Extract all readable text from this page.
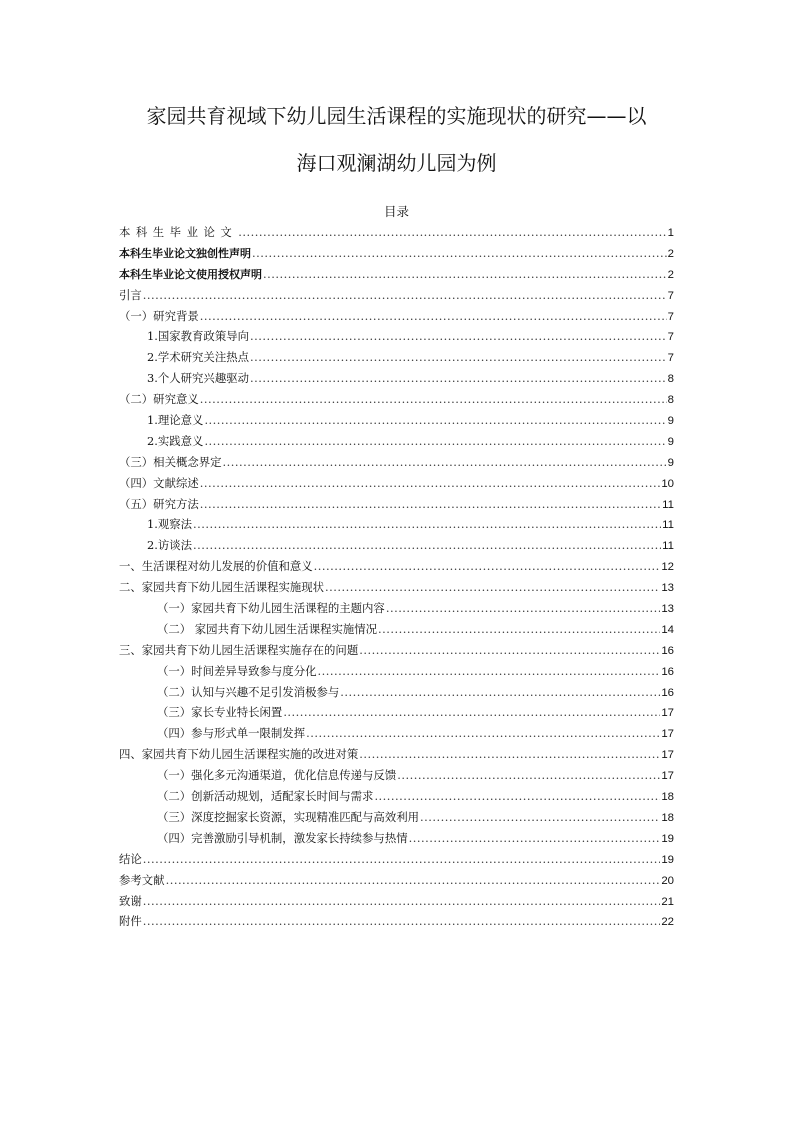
家园共育视域下幼儿园生活课程的实施现状的研究——以
海口观澜湖幼儿园为例
目录
本科生毕业论文 .....	1
本科生毕业论文独创性声明 .....	2
本科生毕业论文使用授权声明 .....	2
引言 .....	7
（一）研究背景 .....	7
1.国家教育政策导向 .....	7
2.学术研究关注热点 .....	7
3.个人研究兴趣驱动 .....	8
（二）研究意义 .....	8
1.理论意义 .....	9
2.实践意义 .....	9
（三）相关概念界定 .....	9
（四）文献综述 .....	10
（五）研究方法 .....	11
1.观察法 .....	11
2.访谈法 .....	11
一、生活课程对幼儿发展的价值和意义 .....	12
二、家园共育下幼儿园生活课程实施现状 .....	13
（一）家园共育下幼儿园生活课程的主题内容 .....	13
（二） 家园共育下幼儿园生活课程实施情况 .....	14
三、家园共育下幼儿园生活课程实施存在的问题 .....	16
（一）时间差异导致参与度分化 .....	16
（二）认知与兴趣不足引发消极参与 .....	16
（三）家长专业特长闲置 .....	17
（四）参与形式单一限制发挥 .....	17
四、家园共育下幼儿园生活课程实施的改进对策 .....	17
（一）强化多元沟通渠道，优化信息传递与反馈 .....	17
（二）创新活动规划，适配家长时间与需求 .....	18
（三）深度挖掘家长资源，实现精准匹配与高效利用 .....	18
（四）完善激励引导机制，激发家长持续参与热情 .....	19
结论 .....	19
参考文献 .....	20
致谢 .....	21
附件 .....	22
